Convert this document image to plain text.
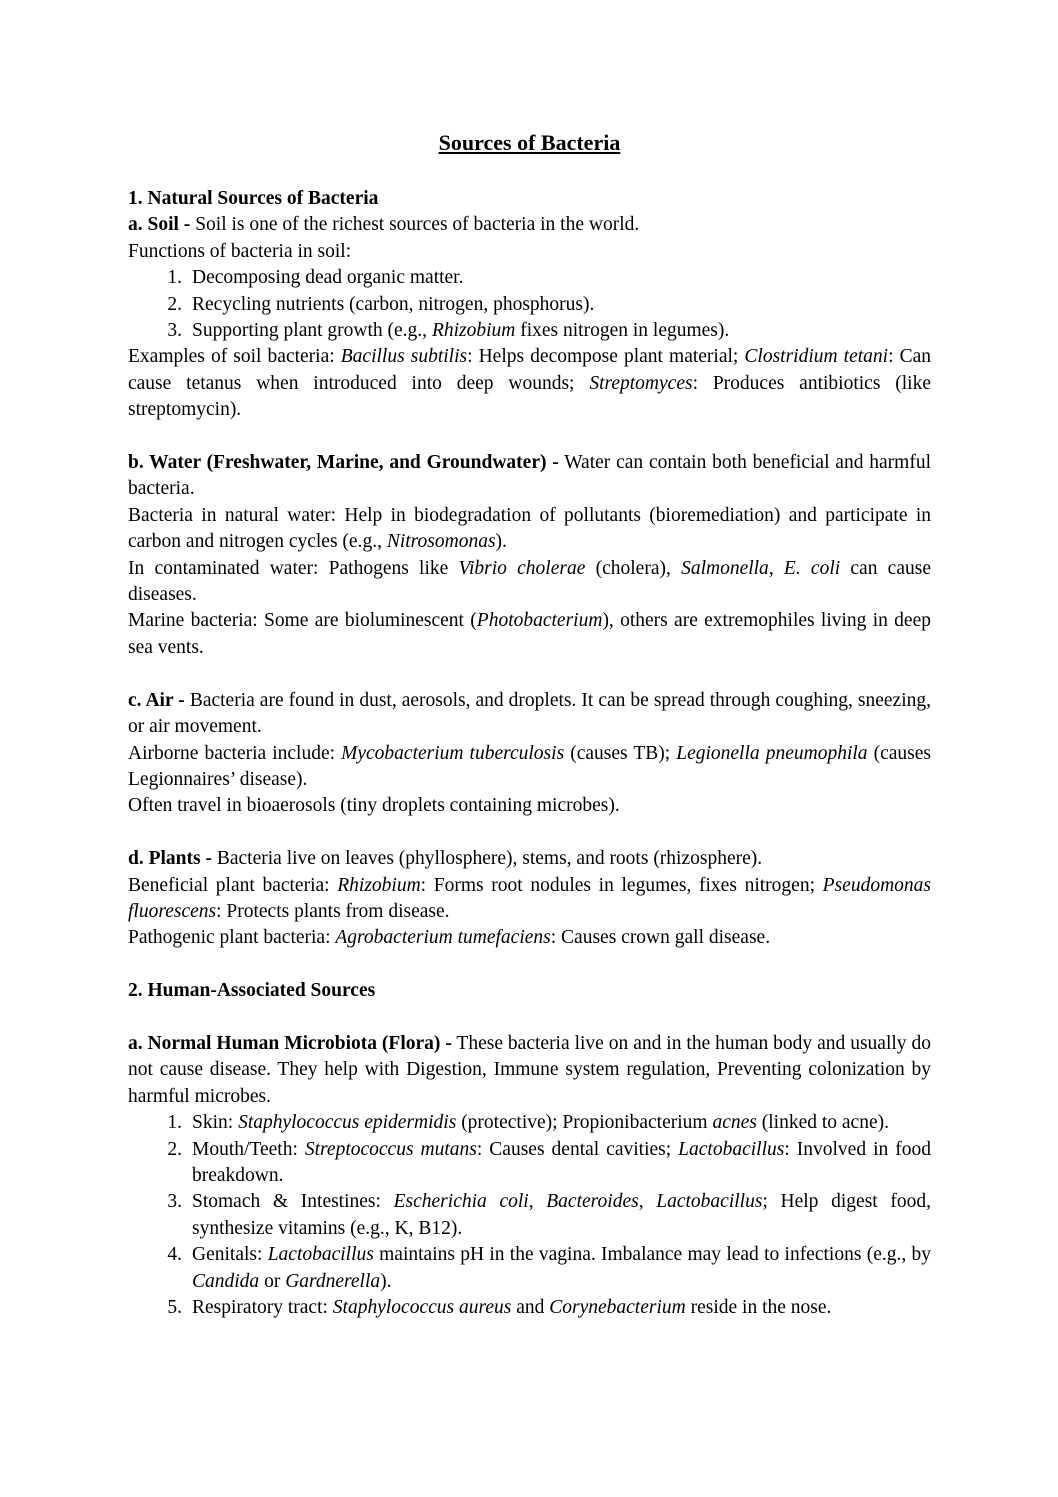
Sources of Bacteria

1. Natural Sources of Bacteria

a. Soil - Soil is one of the richest sources of bacteria in the world.

Functions of bacteria in soil:

1. Decomposing dead organic matter.
2. Recycling nutrients (carbon, nitrogen, phosphorus).
3. Supporting plant growth (e.g., Rhizobium fixes nitrogen in legumes).

Examples of soil bacteria: Bacillus subtilis: Helps decompose plant material; Clostridium tetani: Can cause tetanus when introduced into deep wounds; Streptomyces: Produces antibiotics (like streptomycin).

b. Water (Freshwater, Marine, and Groundwater) - Water can contain both beneficial and harmful bacteria.

Bacteria in natural water: Help in biodegradation of pollutants (bioremediation) and participate in carbon and nitrogen cycles (e.g., Nitrosomonas).

In contaminated water: Pathogens like Vibrio cholerae (cholera), Salmonella, E. coli can cause diseases.

Marine bacteria: Some are bioluminescent (Photobacterium), others are extremophiles living in deep sea vents.

c. Air - Bacteria are found in dust, aerosols, and droplets. It can be spread through coughing, sneezing, or air movement.

Airborne bacteria include: Mycobacterium tuberculosis (causes TB); Legionella pneumophila (causes Legionnaires’ disease).

Often travel in bioaerosols (tiny droplets containing microbes).

d. Plants - Bacteria live on leaves (phyllosphere), stems, and roots (rhizosphere).

Beneficial plant bacteria: Rhizobium: Forms root nodules in legumes, fixes nitrogen; Pseudomonas fluorescens: Protects plants from disease.

Pathogenic plant bacteria: Agrobacterium tumefaciens: Causes crown gall disease.

2. Human-Associated Sources

a. Normal Human Microbiota (Flora) - These bacteria live on and in the human body and usually do not cause disease. They help with Digestion, Immune system regulation, Preventing colonization by harmful microbes.

1. Skin: Staphylococcus epidermidis (protective); Propionibacterium acnes (linked to acne).
2. Mouth/Teeth: Streptococcus mutans: Causes dental cavities; Lactobacillus: Involved in food breakdown.
3. Stomach & Intestines: Escherichia coli, Bacteroides, Lactobacillus; Help digest food, synthesize vitamins (e.g., K, B12).
4. Genitals: Lactobacillus maintains pH in the vagina. Imbalance may lead to infections (e.g., by Candida or Gardnerella).
5. Respiratory tract: Staphylococcus aureus and Corynebacterium reside in the nose.
